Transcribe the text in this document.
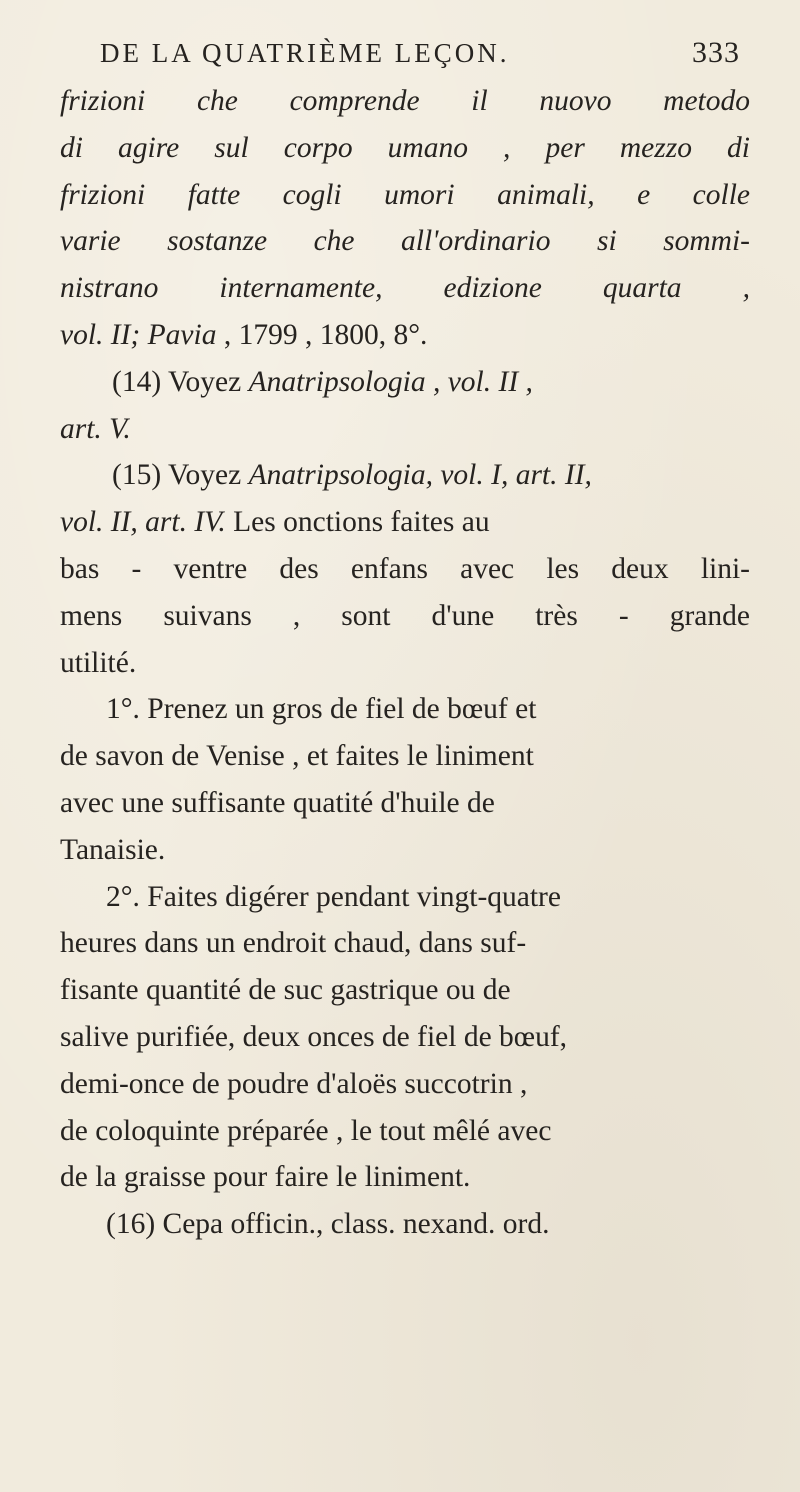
DE LA QUATRIÈME LEÇON.	333
frizioni che comprende il nuovo metodo
di agire sul corpo umano , per mezzo di
frizioni fatte cogli umori animali, e colle
varie sostanze che all'ordinario si sommi-
nistrano internamente, edizione quarta ,
vol. II; Pavia , 1799 , 1800, 8°.
(14) Voyez Anatripsologia , vol. II ,
art. V.
(15) Voyez Anatripsologia, vol. I, art. II,
vol. II, art. IV. Les onctions faites au
bas - ventre des enfans avec les deux lini-
mens suivans , sont d'une très - grande
utilité.
1°. Prenez un gros de fiel de bœuf et
de savon de Venise , et faites le liniment
avec une suffisante quatité d'huile de
Tanaisie.
2°. Faites digérer pendant vingt-quatre
heures dans un endroit chaud, dans suf-
fisante quantité de suc gastrique ou de
salive purifiée, deux onces de fiel de bœuf,
demi-once de poudre d'aloës succotrin ,
de coloquinte préparée , le tout mêlé avec
de la graisse pour faire le liniment.
(16) Cepa officin., class. nexand. ord.
